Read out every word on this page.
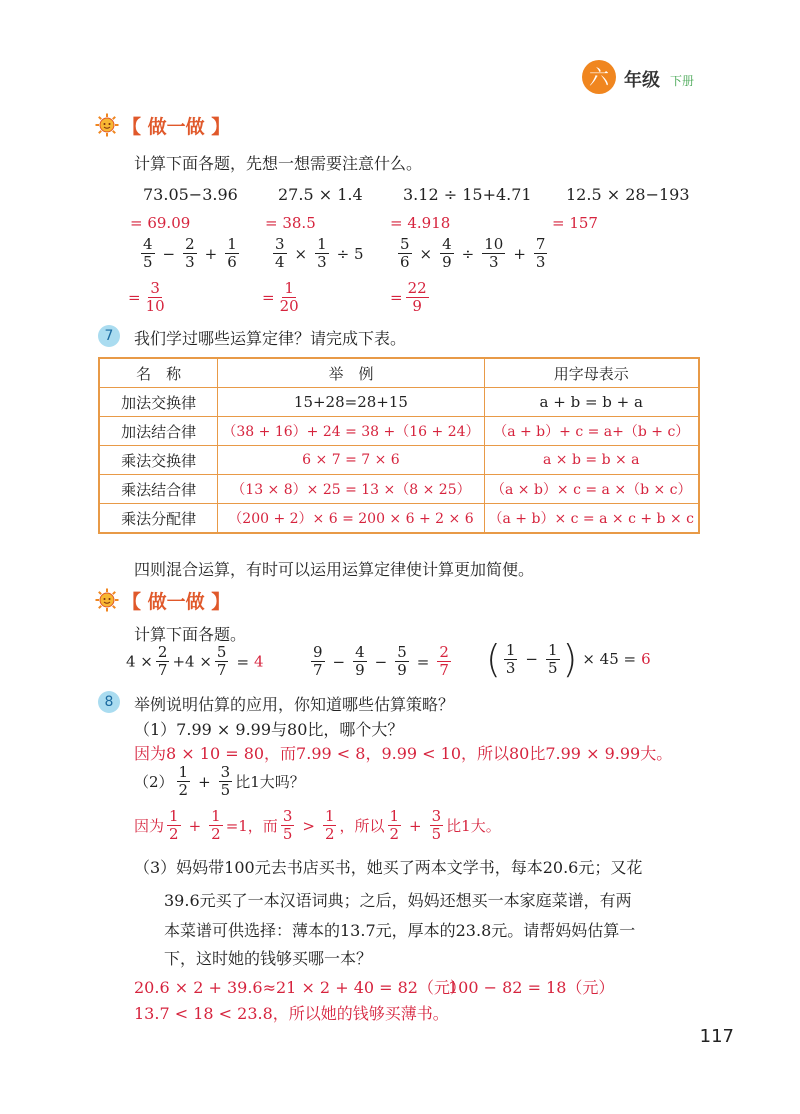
六 年级 下册
【 做一做 】
计算下面各题，先想一想需要注意什么。
73.05−3.96	27.5 × 1.4	3.12 ÷ 15+4.71 12.5 × 28−193
= 69.09	= 38.5	= 4.918	= 157
$\frac{4}{5} - \frac{2}{3} + \frac{1}{6} \frac{3}{4} \times \frac{1}{3} \div 5$	$\frac{5}{6} \times \frac{4}{9} \div \frac{10}{3} + \frac{7}{3}$
= $\frac{3}{10}$	= $\frac{1}{20}$	= $\frac{22}{9}$
7	我们学过哪些运算定律？请完成下表。
名　称	举　例	用字母表示
加法交换律	15+28=28+15	a + b = b + a
加法结合律	（38 + 16）+ 24 = 38 +（16 + 24）	（a + b）+ c = a+（b + c）
乘法交换律	6 × 7 = 7 × 6	a × b = b × a
乘法结合律	（13 × 8）× 25 = 13 ×（8 × 25）	（a × b）× c = a ×（b × c）
乘法分配律	（200 + 2）× 6 = 200 × 6 + 2 × 6	（a + b）× c = a × c + b × c
四则混合运算，有时可以运用运算定律使计算更加简便。
【 做一做 】
计算下面各题。
$4 \times \frac{2}{7} +4 \times \frac{5}{7} = 4$	$\frac{9}{7} - \frac{4}{9} - \frac{5}{9} = \frac{2}{7}$ ( $\frac{1}{3} - \frac{1}{5}$ ) × 45 = 6
8	举例说明估算的应用，你知道哪些估算策略？
（1）7.99 × 9.99与80比，哪个大？
因为8 × 10 = 80，而7.99 < 8，9.99 < 10，所以80比7.99 × 9.99大。
$(2) \frac{1}{2} + \frac{3}{5}$ 比1大吗？
因为 $\frac{1}{2} + \frac{1}{2} =1$，而 $\frac{3}{5} > \frac{1}{2}$ ，所以 $\frac{1}{2} + \frac{3}{5}$ 比1大。
（3）妈妈带100元去书店买书，她买了两本文学书，每本20.6元；又花
39.6元买了一本汉语词典；之后，妈妈还想买一本家庭菜谱，有两
本菜谱可供选择：薄本的13.7元，厚本的23.8元。请帮妈妈估算一
下，这时她的钱够买哪一本？
20.6 × 2 + 39.6≈21 × 2 + 40 = 82（元）
100 − 82 = 18（元）
13.7 < 18 < 23.8，所以她的钱够买薄书。
117
